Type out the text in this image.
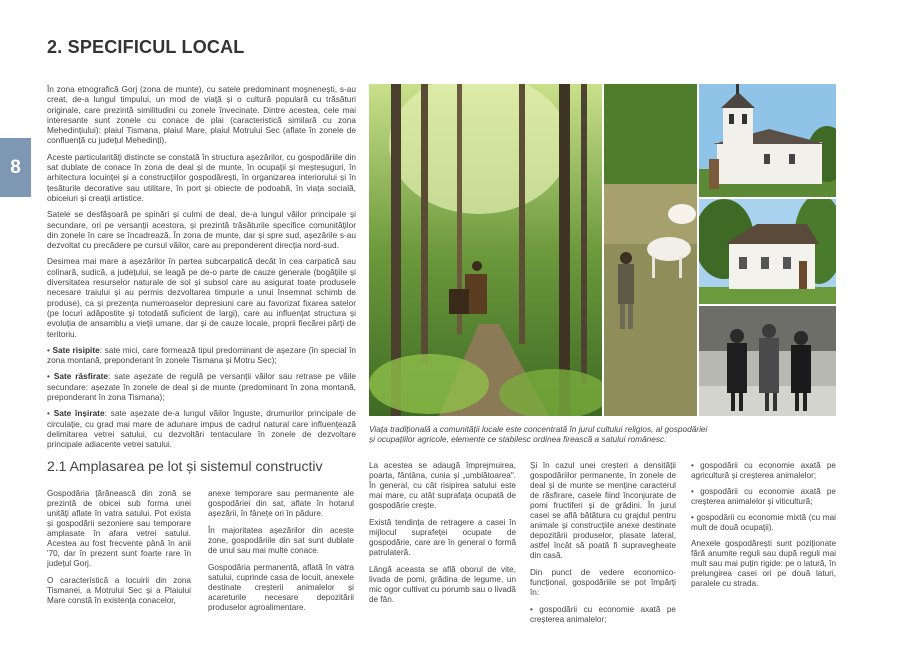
2. SPECIFICUL LOCAL
8

În zona etnografică Gorj (zona de munte), cu satele predominant moșnenești, s-au creat, de-a lungul timpului, un mod de viață și o cultură populară cu trăsături originale, care prezintă similitudini cu zonele învecinate. Dintre acestea, cele mai interesante sunt zonele cu conace de plai (caracteristică similară cu zona Mehedințiului): plaiul Tismana, plaiul Mare, plaiul Motrului Sec (aflate în zonele de confluență cu județul Mehedinți).

Aceste particularități distincte se constată în structura așezărilor, cu gospodăriile din sat dublate de conace în zona de deal și de munte, în ocupații și meșteșuguri, în arhitectura locuinței și a construcțiilor gospodărești, în organizarea interiorului și în țesăturile decorative sau utilitare, în port și obiecte de podoabă, în viața socială, obiceiuri și creații artistice.

Satele se desfășoară pe spinări și culmi de deal, de-a lungul văilor principale și secundare, ori pe versanții acestora, și prezintă trăsăturile specifice comunităților din zonele în care se încadrează. În zona de munte, dar și spre sud, așezările s-au dezvoltat cu precădere pe cursul văilor, care au preponderent direcția nord-sud.

Desimea mai mare a așezărilor în partea subcarpatică decât în cea carpatică sau colinară, sudică, a județului, se leagă pe de-o parte de cauze generale (bogățiile și diversitatea resurselor naturale de sol și subsol care au asigurat toate produsele necesare traiului și au permis dezvoltarea timpurie a unui însemnat schimb de produse), ca și prezența numeroaselor depresiuni care au favorizat fixarea satelor (pe locuri adăpostite și totodată suficient de largi), care au influențat structura și evoluția de ansamblu a vieții umane, dar și de cauze locale, proprii fiecărei părți de teritoriu.

• Sate risipite: sate mici, care formează tipul predominant de așezare (în special în zona montană, preponderant în zonele Tismana și Motru Sec);
• Sate răsfirate: sate așezate de regulă pe versanții văilor sau retrase pe văile secundare: așezate în zonele de deal și de munte (predominant în zona montană, preponderant în zona Tismana);
• Sate înșirate: sate așezate de-a lungul văilor înguste, drumurilor principale de circulație, cu grad mai mare de adunare impus de cadrul natural care influențează delimitarea vetrei satului, cu dezvoltări tentaculare în zonele de dezvoltare principale adiacente vetrei satului.

Viața tradițională a comunității locale este concentrată în jurul cultului religios, al gospodăriei și ocupațiilor agricole, elemente ce stabilesc ordinea firească a satului românesc.

2.1 Amplasarea pe lot și sistemul constructiv

Gospodăria țărănească din zonă se prezintă de obicei sub forma unei unități aflate în vatra satului. Pot exista și gospodării sezoniere sau temporare amplasate în afara vetrei satului. Acestea au fost frecvente până în anii '70, dar în prezent sunt foarte rare în județul Gorj.

O caracteristică a locuirii din zona Tismanei, a Motrului Sec și a Plaiului Mare constă în existența conacelor,

anexe temporare sau permanente ale gospodăriei din sat, aflate în hotarul așezării, în fânețe ori în pădure.

În majoritatea așezărilor din aceste zone, gospodăriile din sat sunt dublate de unul sau mai multe conace.

Gospodăria permanentă, aflată în vatra satului, cuprinde casa de locuit, anexele destinate creșterii animalelor și acareturile necesare depozitării produselor agroalimentare.

La acestea se adaugă împrejmuirea, poarta, fântâna, cunia și „umblătoarea". În general, cu cât risipirea satului este mai mare, cu atât suprafața ocupată de gospodărie crește.

Există tendința de retragere a casei în mijlocul suprafeței ocupate de gospodărie, care are în general o formă patrulateră.

Lângă aceasta se află oborul de vite, livada de pomi, grădina de legume, un mic ogor cultivat cu porumb sau o livadă de fân.

Și în cazul unei creșteri a densității gospodăriilor permanente, în zonele de deal și de munte se menține caracterul de răsfirare, casele fiind înconjurate de pomi fructiferi și de grădini. În jurul casei se află bătătura cu grajdul pentru animale și construcțiile anexe destinate depozitării produselor, plasate lateral, astfel încât să poată fi supravegheate din casă.

Din punct de vedere economico-funcțional, gospodăriile se pot împărți în:

• gospodării cu economie axată pe creșterea animalelor;
• gospodării cu economie axată pe agricultură și creșterea animalelor;
• gospodării cu economie axată pe creșterea animalelor și viticultură;
• gospodării cu economie mixtă (cu mai mult de două ocupații).

Anexele gospodărești sunt poziționate fără anumite reguli sau după reguli mai mult sau mai puțin rigide: pe o latură, în prelungirea casei ori pe două laturi, paralele cu strada.
